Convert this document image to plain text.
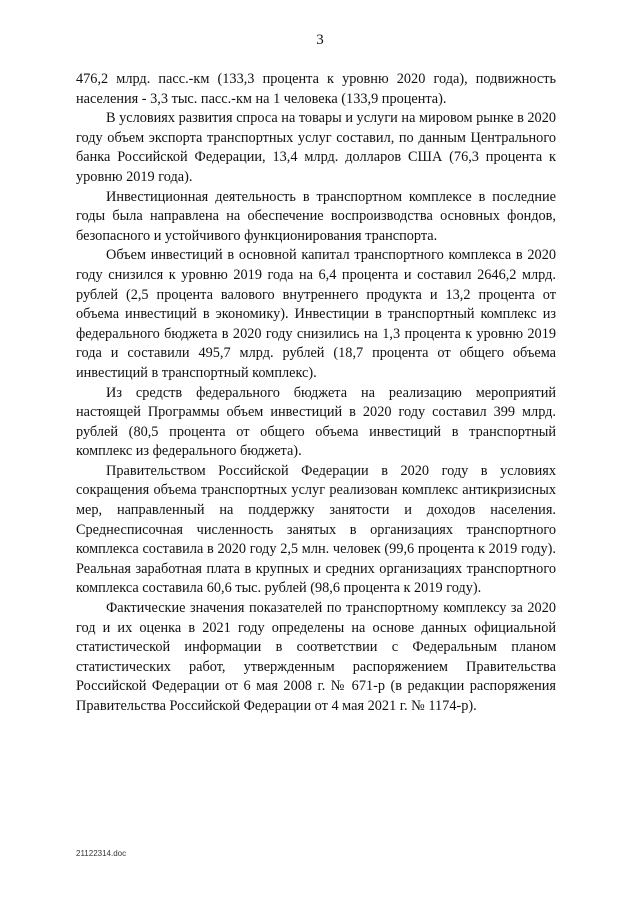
3

476,2 млрд. пасс.-км (133,3 процента к уровню 2020 года), подвижность населения - 3,3 тыс. пасс.-км на 1 человека (133,9 процента).

В условиях развития спроса на товары и услуги на мировом рынке в 2020 году объем экспорта транспортных услуг составил, по данным Центрального банка Российской Федерации, 13,4 млрд. долларов США (76,3 процента к уровню 2019 года).

Инвестиционная деятельность в транспортном комплексе в последние годы была направлена на обеспечение воспроизводства основных фондов, безопасного и устойчивого функционирования транспорта.

Объем инвестиций в основной капитал транспортного комплекса в 2020 году снизился к уровню 2019 года на 6,4 процента и составил 2646,2 млрд. рублей (2,5 процента валового внутреннего продукта и 13,2 процента от объема инвестиций в экономику). Инвестиции в транспортный комплекс из федерального бюджета в 2020 году снизились на 1,3 процента к уровню 2019 года и составили 495,7 млрд. рублей (18,7 процента от общего объема инвестиций в транспортный комплекс).

Из средств федерального бюджета на реализацию мероприятий настоящей Программы объем инвестиций в 2020 году составил 399 млрд. рублей (80,5 процента от общего объема инвестиций в транспортный комплекс из федерального бюджета).

Правительством Российской Федерации в 2020 году в условиях сокращения объема транспортных услуг реализован комплекс антикризисных мер, направленный на поддержку занятости и доходов населения. Среднесписочная численность занятых в организациях транспортного комплекса составила в 2020 году 2,5 млн. человек (99,6 процента к 2019 году). Реальная заработная плата в крупных и средних организациях транспортного комплекса составила 60,6 тыс. рублей (98,6 процента к 2019 году).

Фактические значения показателей по транспортному комплексу за 2020 год и их оценка в 2021 году определены на основе данных официальной статистической информации в соответствии с Федеральным планом статистических работ, утвержденным распоряжением Правительства Российской Федерации от 6 мая 2008 г. № 671-р (в редакции распоряжения Правительства Российской Федерации от 4 мая 2021 г. № 1174-р).

21122314.doc
